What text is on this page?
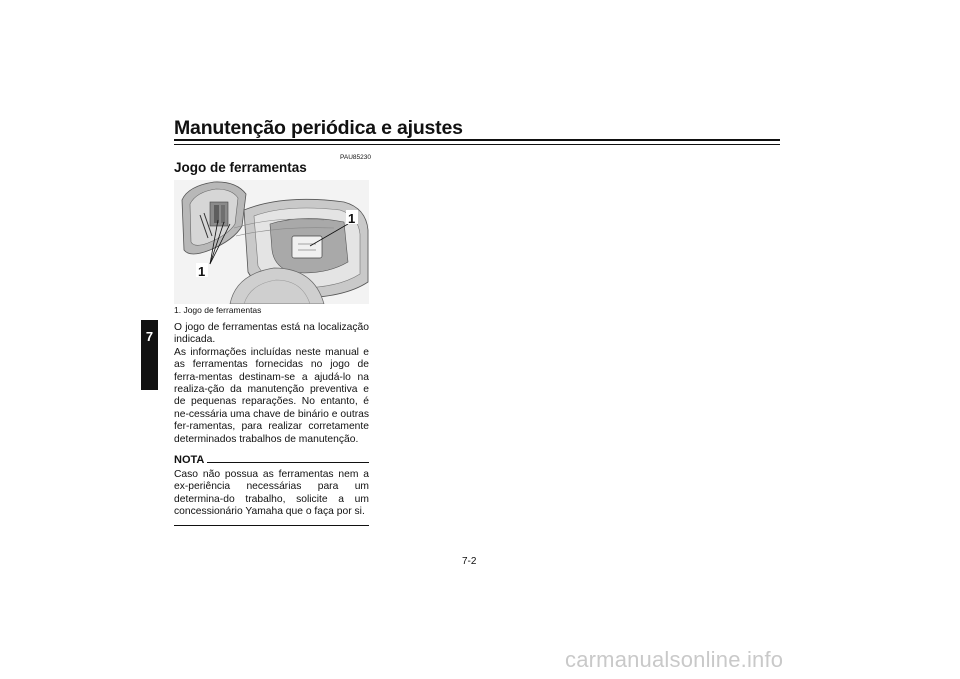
Manutenção periódica e ajustes
7
PAU85230
Jogo de ferramentas
1
1
1. Jogo de ferramentas

O jogo de ferramentas está na localização indicada.

As informações incluídas neste manual e as ferramentas fornecidas no jogo de ferra-mentas destinam-se a ajudá-lo na realiza-ção da manutenção preventiva e de pequenas reparações. No entanto, é ne-cessária uma chave de binário e outras fer-ramentas, para realizar corretamente determinados trabalhos de manutenção.

NOTA

Caso não possua as ferramentas nem a ex-periência necessárias para um determina-do trabalho, solicite a um concessionário Yamaha que o faça por si.

7-2
carmanualsonline.info
